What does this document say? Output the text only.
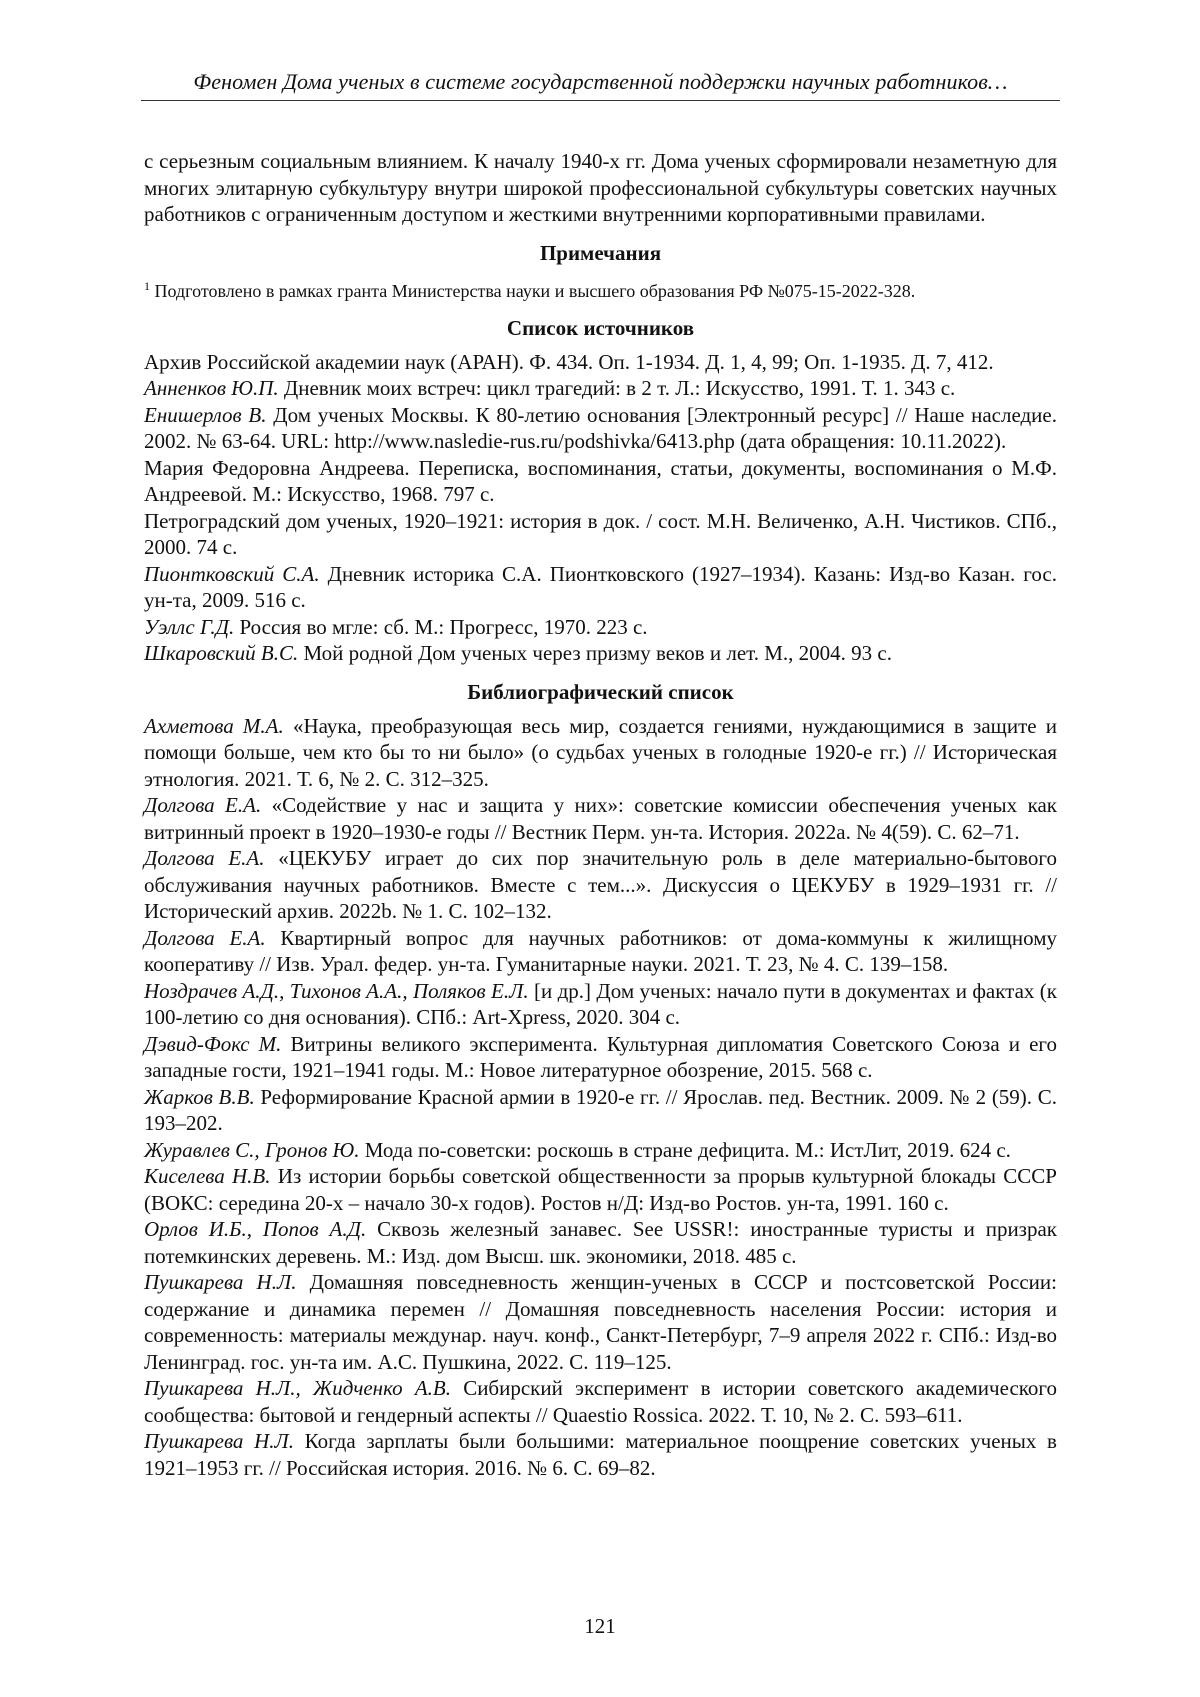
Феномен Дома ученых в системе государственной поддержки научных работников…

с серьезным социальным влиянием. К началу 1940-х гг. Дома ученых сформировали незаметную для многих элитарную субкультуру внутри широкой профессиональной субкультуры советских научных работников с ограниченным доступом и жесткими внутренними корпоративными правилами.

Примечания

1 Подготовлено в рамках гранта Министерства науки и высшего образования РФ №075-15-2022-328.

Список источников

Архив Российской академии наук (АРАН). Ф. 434. Оп. 1-1934. Д. 1, 4, 99; Оп. 1-1935. Д. 7, 412.

Анненков Ю.П. Дневник моих встреч: цикл трагедий: в 2 т. Л.: Искусство, 1991. Т. 1. 343 с.

Енишерлов В. Дом ученых Москвы. К 80-летию основания [Электронный ресурс] // Наше наследие. 2002. № 63-64. URL: http://www.nasledie-rus.ru/podshivka/6413.php (дата обращения: 10.11.2022).

Мария Федоровна Андреева. Переписка, воспоминания, статьи, документы, воспоминания о М.Ф. Андреевой. М.: Искусство, 1968. 797 с.

Петроградский дом ученых, 1920–1921: история в док. / сост. М.Н. Величенко, А.Н. Чистиков. СПб., 2000. 74 с.

Пионтковский С.А. Дневник историка С.А. Пионтковского (1927–1934). Казань: Изд-во Казан. гос. ун-та, 2009. 516 с.

Уэллс Г.Д. Россия во мгле: сб. М.: Прогресс, 1970. 223 с.

Шкаровский В.С. Мой родной Дом ученых через призму веков и лет. М., 2004. 93 с.

Библиографический список

Ахметова М.А. «Наука, преобразующая весь мир, создается гениями, нуждающимися в защите и помощи больше, чем кто бы то ни было» (о судьбах ученых в голодные 1920-е гг.) // Историческая этнология. 2021. Т. 6, № 2. С. 312–325.

Долгова Е.А. «Содействие у нас и защита у них»: советские комиссии обеспечения ученых как витринный проект в 1920–1930-е годы // Вестник Перм. ун-та. История. 2022a. № 4(59). С. 62–71.

Долгова Е.А. «ЦЕКУБУ играет до сих пор значительную роль в деле материально-бытового обслуживания научных работников. Вместе с тем...». Дискуссия о ЦЕКУБУ в 1929–1931 гг. // Исторический архив. 2022b. № 1. С. 102–132.

Долгова Е.А. Квартирный вопрос для научных работников: от дома-коммуны к жилищному кооперативу // Изв. Урал. федер. ун-та. Гуманитарные науки. 2021. Т. 23, № 4. С. 139–158.

Ноздрачев А.Д., Тихонов А.А., Поляков Е.Л. [и др.] Дом ученых: начало пути в документах и фактах (к 100-летию со дня основания). СПб.: Art-Xpress, 2020. 304 с.

Дэвид-Фокс М. Витрины великого эксперимента. Культурная дипломатия Советского Союза и его западные гости, 1921–1941 годы. М.: Новое литературное обозрение, 2015. 568 с.

Жарков В.В. Реформирование Красной армии в 1920-е гг. // Ярослав. пед. Вестник. 2009. № 2 (59). С. 193–202.

Журавлев С., Гронов Ю. Мода по-советски: роскошь в стране дефицита. М.: ИстЛит, 2019. 624 с.

Киселева Н.В. Из истории борьбы советской общественности за прорыв культурной блокады СССР (ВОКС: середина 20-х – начало 30-х годов). Ростов н/Д: Изд-во Ростов. ун-та, 1991. 160 с.

Орлов И.Б., Попов А.Д. Сквозь железный занавес. See USSR!: иностранные туристы и призрак потемкинских деревень. М.: Изд. дом Высш. шк. экономики, 2018. 485 с.

Пушкарева Н.Л. Домашняя повседневность женщин-ученых в СССР и постсоветской России: содержание и динамика перемен // Домашняя повседневность населения России: история и современность: материалы междунар. науч. конф., Санкт-Петербург, 7–9 апреля 2022 г. СПб.: Изд-во Ленинград. гос. ун-та им. А.С. Пушкина, 2022. С. 119–125.

Пушкарева Н.Л., Жидченко А.В. Сибирский эксперимент в истории советского академического сообщества: бытовой и гендерный аспекты // Quaestio Rossica. 2022. Т. 10, № 2. С. 593–611.

Пушкарева Н.Л. Когда зарплаты были большими: материальное поощрение советских ученых в 1921–1953 гг. // Российская история. 2016. № 6. С. 69–82.

121
